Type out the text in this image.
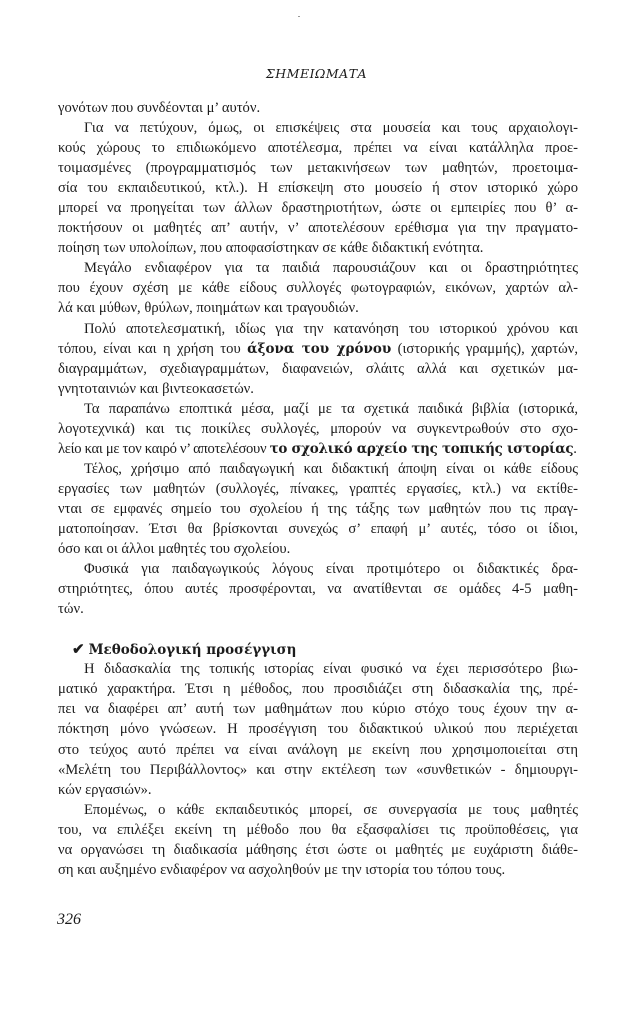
ΣΗΜΕΙΩΜΑΤΑ
γονότων που συνδέονται μ’ αυτόν.
Για να πετύχουν, όμως, οι επισκέψεις στα μουσεία και τους αρχαιολογι-
κούς χώρους το επιδιωκόμενο αποτέλεσμα, πρέπει να είναι κατάλληλα προε-
τοιμασμένες (προγραμματισμός των μετακινήσεων των μαθητών, προετοιμα-
σία του εκπαιδευτικού, κτλ.). Η επίσκεψη στο μουσείο ή στον ιστορικό χώρο
μπορεί να προηγείται των άλλων δραστηριοτήτων, ώστε οι εμπειρίες που θ’ α-
ποκτήσουν οι μαθητές απ’ αυτήν, ν’ αποτελέσουν ερέθισμα για την πραγματο-
ποίηση των υπολοίπων, που αποφασίστηκαν σε κάθε διδακτική ενότητα.
Μεγάλο ενδιαφέρον για τα παιδιά παρουσιάζουν και οι δραστηριότητες
που έχουν σχέση με κάθε είδους συλλογές φωτογραφιών, εικόνων, χαρτών αλ-
λά και μύθων, θρύλων, ποιημάτων και τραγουδιών.
Πολύ αποτελεσματική, ιδίως για την κατανόηση του ιστορικού χρόνου και
τόπου, είναι και η χρήση του άξονα του χρόνου (ιστορικής γραμμής), χαρτών,
διαγραμμάτων, σχεδιαγραμμάτων, διαφανειών, σλάιτς αλλά και σχετικών μα-
γνητοταινιών και βιντεοκασετών.
Τα παραπάνω εποπτικά μέσα, μαζί με τα σχετικά παιδικά βιβλία (ιστορικά,
λογοτεχνικά) και τις ποικίλες συλλογές, μπορούν να συγκεντρωθούν στο σχο-
λείο και με τον καιρό ν’ αποτελέσουν το σχολικό αρχείο της τοπικής ιστορίας.
Τέλος, χρήσιμο από παιδαγωγική και διδακτική άποψη είναι οι κάθε είδους
εργασίες των μαθητών (συλλογές, πίνακες, γραπτές εργασίες, κτλ.) να εκτίθε-
νται σε εμφανές σημείο του σχολείου ή της τάξης των μαθητών που τις πραγ-
ματοποίησαν. Έτσι θα βρίσκονται συνεχώς σ’ επαφή μ’ αυτές, τόσο οι ίδιοι,
όσο και οι άλλοι μαθητές του σχολείου.
Φυσικά για παιδαγωγικούς λόγους είναι προτιμότερο οι διδακτικές δρα-
στηριότητες, όπου αυτές προσφέρονται, να ανατίθενται σε ομάδες 4-5 μαθη-
τών.
✔ Μεθοδολογική προσέγγιση
Η διδασκαλία της τοπικής ιστορίας είναι φυσικό να έχει περισσότερο βιω-
ματικό χαρακτήρα. Έτσι η μέθοδος, που προσιδιάζει στη διδασκαλία της, πρέ-
πει να διαφέρει απ’ αυτή των μαθημάτων που κύριο στόχο τους έχουν την α-
πόκτηση μόνο γνώσεων. Η προσέγγιση του διδακτικού υλικού που περιέχεται
στο τεύχος αυτό πρέπει να είναι ανάλογη με εκείνη που χρησιμοποιείται στη
«Μελέτη του Περιβάλλοντος» και στην εκτέλεση των «συνθετικών - δημιουργι-
κών εργασιών».
Επομένως, ο κάθε εκπαιδευτικός μπορεί, σε συνεργασία με τους μαθητές
του, να επιλέξει εκείνη τη μέθοδο που θα εξασφαλίσει τις προϋποθέσεις, για
να οργανώσει τη διαδικασία μάθησης έτσι ώστε οι μαθητές με ευχάριστη διάθε-
ση και αυξημένο ενδιαφέρον να ασχοληθούν με την ιστορία του τόπου τους.
326
